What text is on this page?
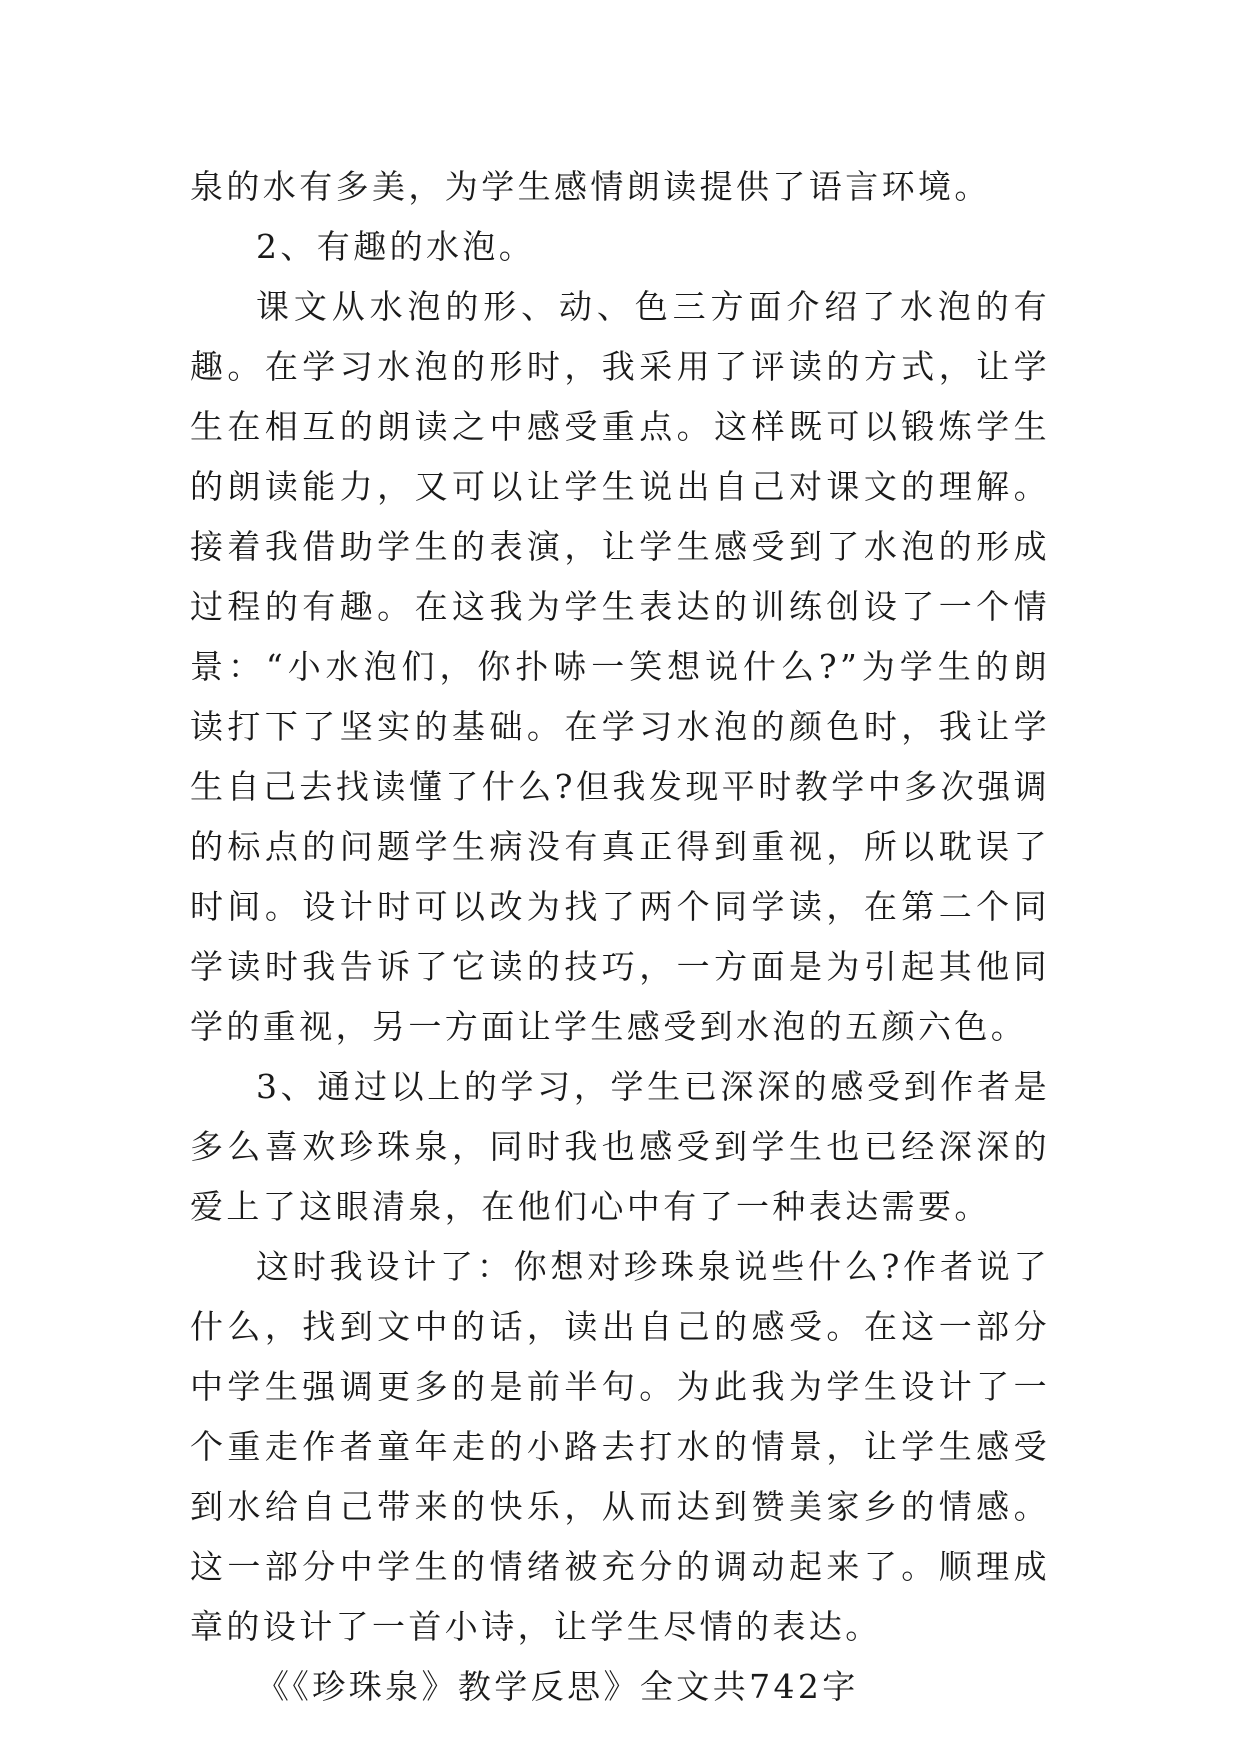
泉的水有多美，为学生感情朗读提供了语言环境。

2、有趣的水泡。

课文从水泡的形、动、色三方面介绍了水泡的有趣。在学习水泡的形时，我采用了评读的方式，让学生在相互的朗读之中感受重点。这样既可以锻炼学生的朗读能力，又可以让学生说出自己对课文的理解。接着我借助学生的表演，让学生感受到了水泡的形成过程的有趣。在这我为学生表达的训练创设了一个情景：“小水泡们，你扑哧一笑想说什么?”为学生的朗读打下了坚实的基础。在学习水泡的颜色时，我让学生自己去找读懂了什么?但我发现平时教学中多次强调的标点的问题学生病没有真正得到重视，所以耽误了时间。设计时可以改为找了两个同学读，在第二个同学读时我告诉了它读的技巧，一方面是为引起其他同学的重视，另一方面让学生感受到水泡的五颜六色。

3、通过以上的学习，学生已深深的感受到作者是多么喜欢珍珠泉，同时我也感受到学生也已经深深的爱上了这眼清泉，在他们心中有了一种表达需要。

这时我设计了：你想对珍珠泉说些什么?作者说了什么，找到文中的话，读出自己的感受。在这一部分中学生强调更多的是前半句。为此我为学生设计了一个重走作者童年走的小路去打水的情景，让学生感受到水给自己带来的快乐，从而达到赞美家乡的情感。这一部分中学生的情绪被充分的调动起来了。顺理成章的设计了一首小诗，让学生尽情的表达。

《《珍珠泉》教学反思》全文共742字
